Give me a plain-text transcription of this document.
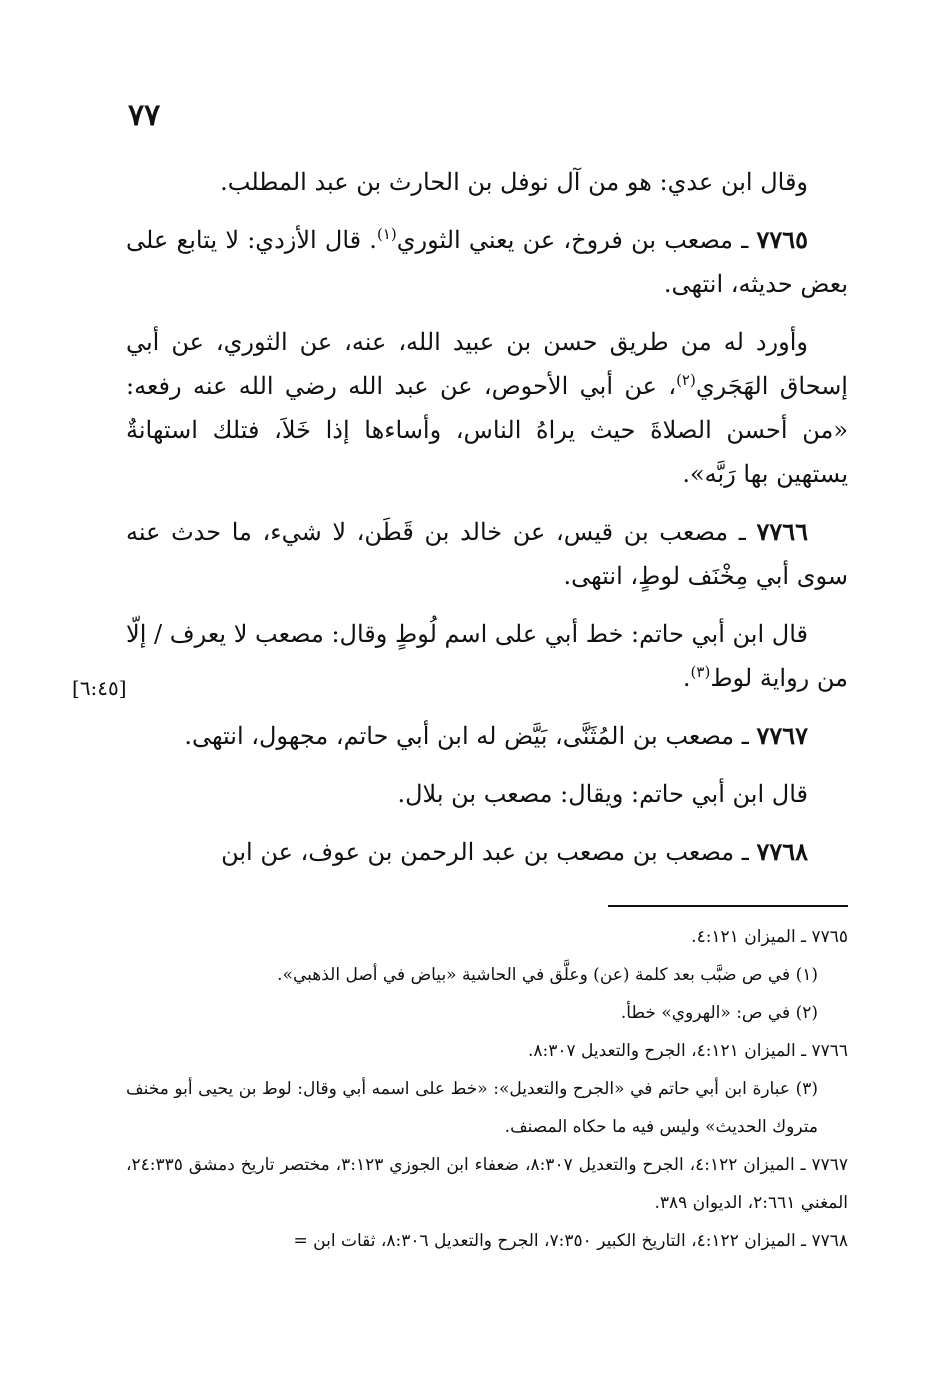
٧٧

وقال ابن عدي: هو من آل نوفل بن الحارث بن عبد المطلب.

٧٧٦٥ ـ مصعب بن فروخ، عن يعني الثوري$^{(١)}$. قال الأزدي: لا يتابع على بعض حديثه، انتهى.

وأورد له من طريق حسن بن عبيد الله، عنه، عن الثوري، عن أبي إسحاق الهَجَري$^{(٢)}$، عن أبي الأحوص، عن عبد الله رضي الله عنه رفعه: «من أحسن الصلاةَ حيث يراهُ الناس، وأساءها إذا خَلاَ، فتلك استهانةٌ يستهين بها رَبَّه».

٧٧٦٦ ـ مصعب بن قيس، عن خالد بن قَطَن، لا شيء، ما حدث عنه سوى أبي مِخْنَف لوطٍ، انتهى.

قال ابن أبي حاتم: خط أبي على اسم لُوطٍ وقال: مصعب لا يعرف / إلّا من رواية لوط$^{(٣)}$.

٧٧٦٧ ـ مصعب بن المُثَنَّى، بَيَّض له ابن أبي حاتم، مجهول، انتهى.

قال ابن أبي حاتم: ويقال: مصعب بن بلال.

٧٧٦٨ ـ مصعب بن مصعب بن عبد الرحمن بن عوف، عن ابن

[٦:٤٥]

٧٧٦٥ ـ الميزان ٤:١٢١.

(١) في ص ضبَّب بعد كلمة (عن) وعلَّق في الحاشية «بياض في أصل الذهبي».

(٢) في ص: «الهروي» خطأ.

٧٧٦٦ ـ الميزان ٤:١٢١، الجرح والتعديل ٨:٣٠٧.

(٣) عبارة ابن أبي حاتم في «الجرح والتعديل»: «خط على اسمه أبي وقال: لوط بن يحيى أبو مخنف متروك الحديث» وليس فيه ما حكاه المصنف.

٧٧٦٧ ـ الميزان ٤:١٢٢، الجرح والتعديل ٨:٣٠٧، ضعفاء ابن الجوزي ٣:١٢٣، مختصر تاريخ دمشق ٢٤:٣٣٥، المغني ٢:٦٦١، الديوان ٣٨٩.

٧٧٦٨ ـ الميزان ٤:١٢٢، التاريخ الكبير ٧:٣٥٠، الجرح والتعديل ٨:٣٠٦، ثقات ابن =
